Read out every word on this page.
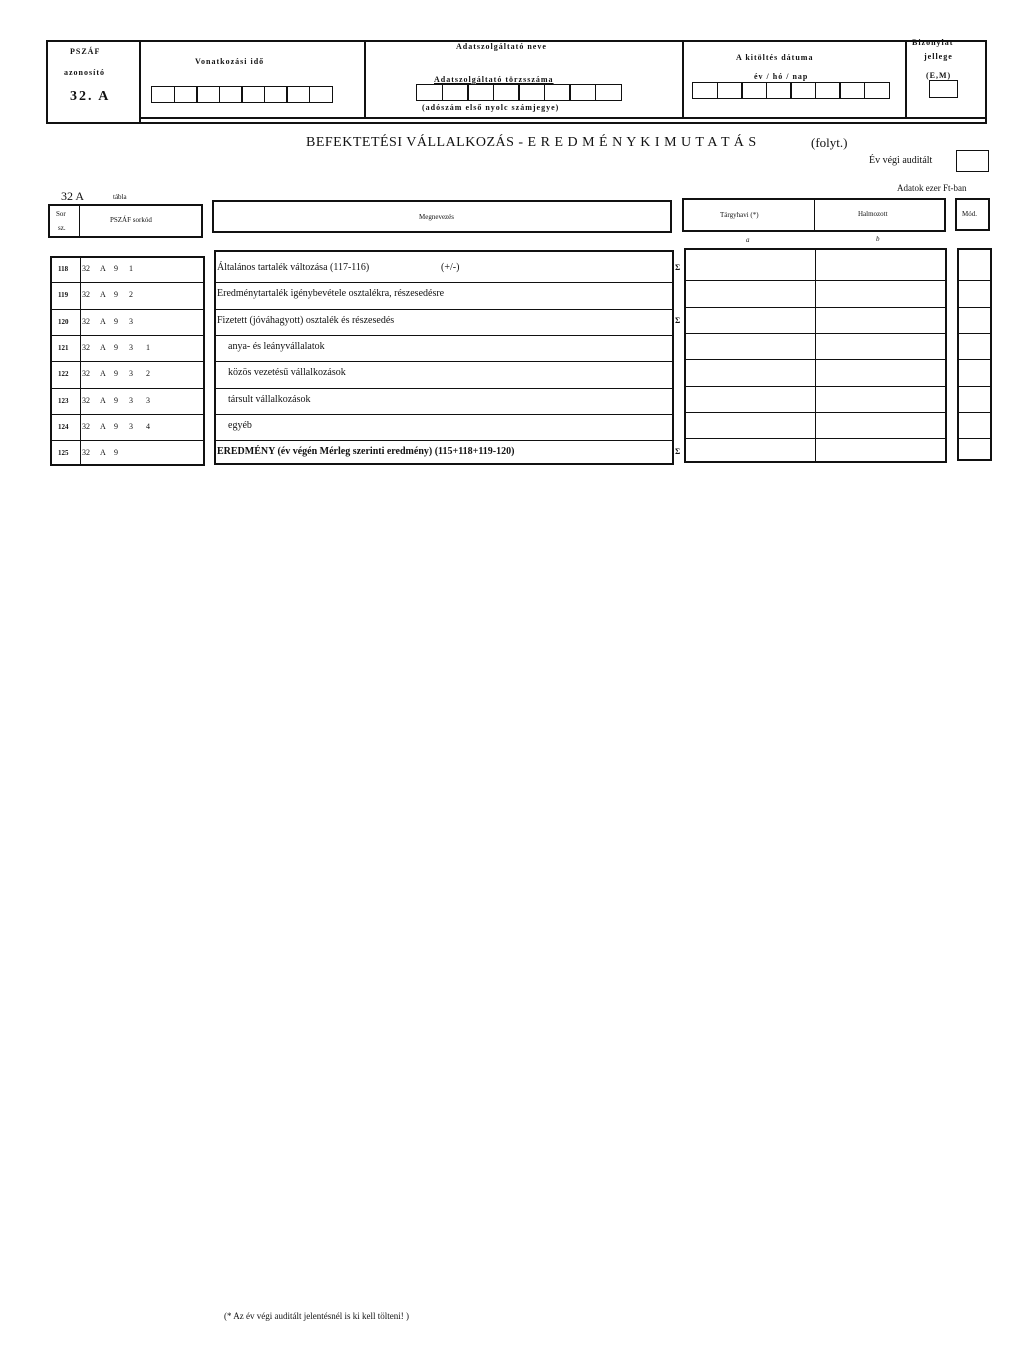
PSZÁF
azonosító
32. A
Vonatkozási idő
Adatszolgáltató neve
Adatszolgáltató törzsszáma
(adószám első nyolc számjegye)
A kitöltés dátuma
év / hó / nap
Bizonylat
jellege
(E,M)
BEFEKTETÉSI VÁLLALKOZÁS - E R E D M É N Y K I M U T A T Á S	(folyt.)
Év végi auditált
32 A	tábla
Adatok ezer Ft-ban
Sor
sz.
PSZÁF sorkód	Megnevezés	Tárgyhavi (*)	Halmozott
a	b
Mód.
118 32 A 9 1	Általános tartalék változása (117-116)	(+/-)	Σ
119 32 A 9 2	Eredménytartalék igénybevétele osztalékra, részesedésre
120 32 A 9 3	Fizetett (jóváhagyott) osztalék és részesedés	Σ
121 32 A 9 3 1	anya- és leányvállalatok
122 32 A 9 3 2	közös vezetésű vállalkozások
123 32 A 9 3 3	társult vállalkozások
124 32 A 9 3 4	egyéb
125 32 A 9	EREDMÉNY (év végén Mérleg szerinti eredmény) (115+118+119-120)	Σ
(* Az év végi auditált jelentésnél is ki kell tölteni! )
